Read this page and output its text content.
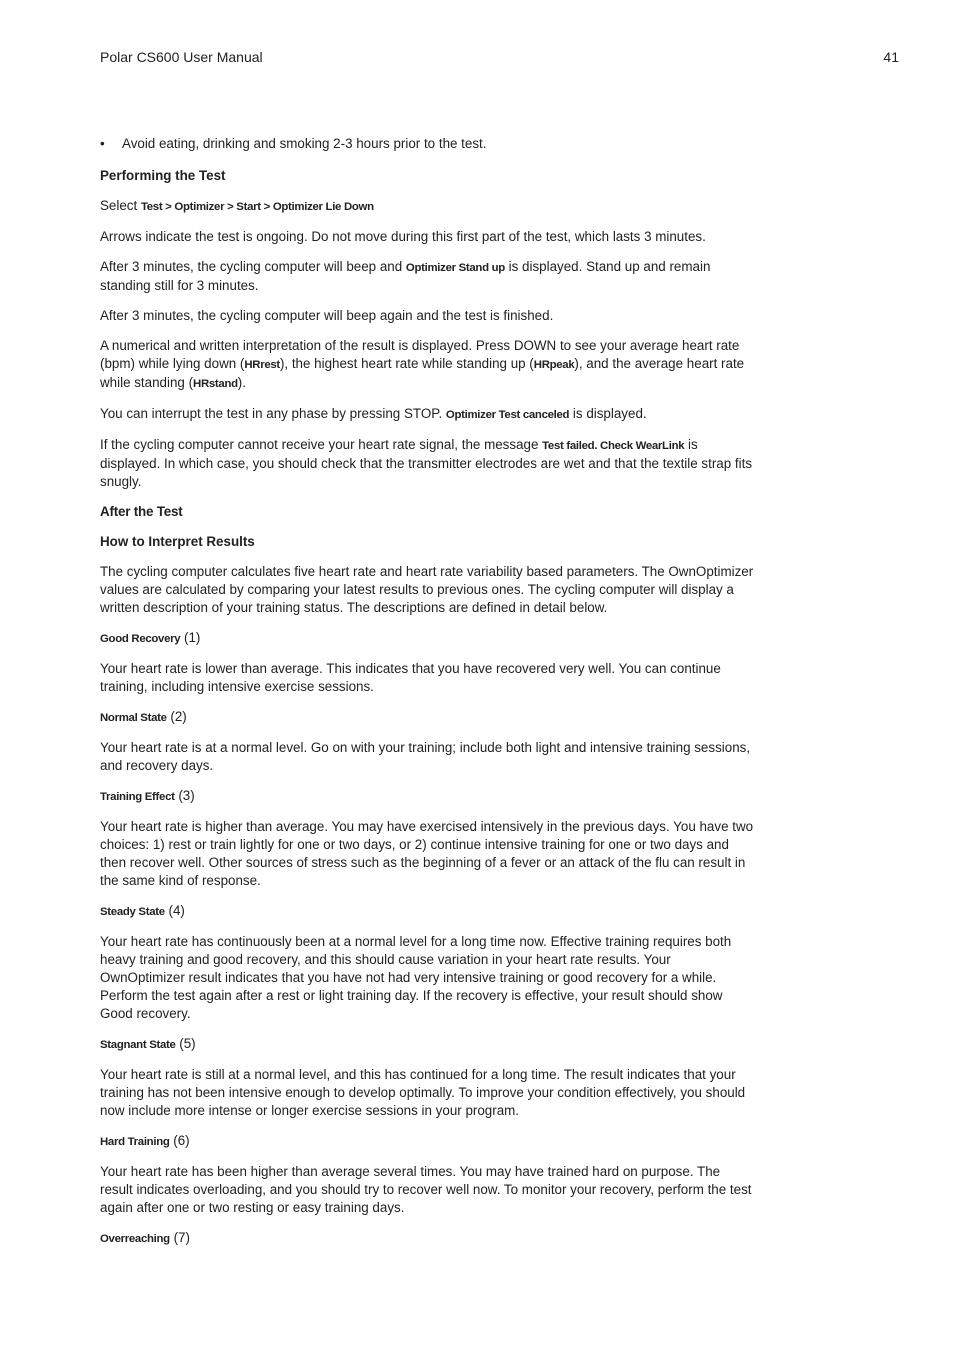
Polar CS600 User Manual	41
•	Avoid eating, drinking and smoking 2-3 hours prior to the test.
Performing the Test

Select Test > Optimizer > Start > Optimizer Lie Down

Arrows indicate the test is ongoing. Do not move during this first part of the test, which lasts 3 minutes.

After 3 minutes, the cycling computer will beep and Optimizer Stand up is displayed. Stand up and remain standing still for 3 minutes.

After 3 minutes, the cycling computer will beep again and the test is finished.

A numerical and written interpretation of the result is displayed. Press DOWN to see your average heart rate (bpm) while lying down (HRrest), the highest heart rate while standing up (HRpeak), and the average heart rate while standing (HRstand).

You can interrupt the test in any phase by pressing STOP. Optimizer Test canceled is displayed.

If the cycling computer cannot receive your heart rate signal, the message Test failed. Check WearLink is displayed. In which case, you should check that the transmitter electrodes are wet and that the textile strap fits snugly.

After the Test
How to Interpret Results

The cycling computer calculates five heart rate and heart rate variability based parameters. The OwnOptimizer values are calculated by comparing your latest results to previous ones. The cycling computer will display a written description of your training status. The descriptions are defined in detail below.

Good Recovery (1)

Your heart rate is lower than average. This indicates that you have recovered very well. You can continue training, including intensive exercise sessions.

Normal State (2)

Your heart rate is at a normal level. Go on with your training; include both light and intensive training sessions, and recovery days.

Training Effect (3)

Your heart rate is higher than average. You may have exercised intensively in the previous days. You have two choices: 1) rest or train lightly for one or two days, or 2) continue intensive training for one or two days and then recover well. Other sources of stress such as the beginning of a fever or an attack of the flu can result in the same kind of response.

Steady State (4)

Your heart rate has continuously been at a normal level for a long time now. Effective training requires both heavy training and good recovery, and this should cause variation in your heart rate results. Your OwnOptimizer result indicates that you have not had very intensive training or good recovery for a while. Perform the test again after a rest or light training day. If the recovery is effective, your result should show Good recovery.

Stagnant State (5)

Your heart rate is still at a normal level, and this has continued for a long time. The result indicates that your training has not been intensive enough to develop optimally. To improve your condition effectively, you should now include more intense or longer exercise sessions in your program.

Hard Training (6)

Your heart rate has been higher than average several times. You may have trained hard on purpose. The result indicates overloading, and you should try to recover well now. To monitor your recovery, perform the test again after one or two resting or easy training days.

Overreaching (7)
